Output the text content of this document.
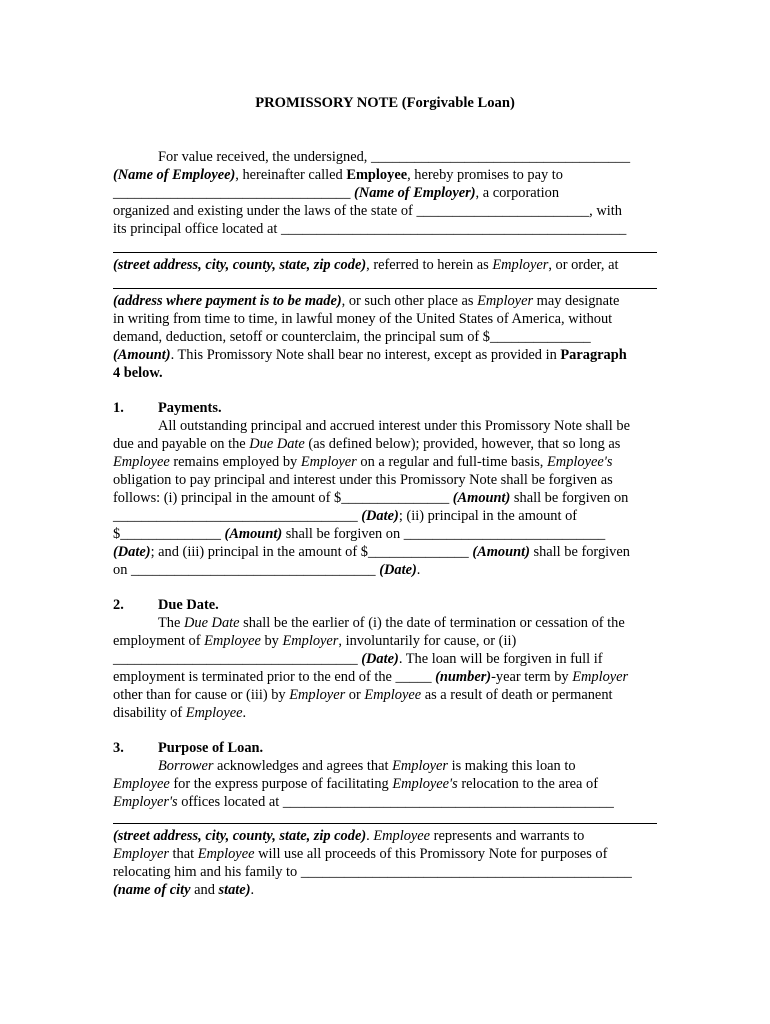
PROMISSORY NOTE (Forgivable Loan)
For value received, the undersigned, ____________________________________
(Name of Employee), hereinafter called Employee, hereby promises to pay to
_________________________________ (Name of Employer), a corporation
organized and existing under the laws of the state of ________________________, with
its principal office located at ________________________________________________
(street address, city, county, state, zip code), referred to herein as Employer, or order, at
(address where payment is to be made), or such other place as Employer may designate
in writing from time to time, in lawful money of the United States of America, without
demand, deduction, setoff or counterclaim, the principal sum of $______________
(Amount). This Promissory Note shall bear no interest, except as provided in Paragraph
4 below.
1. Payments.
All outstanding principal and accrued interest under this Promissory Note shall be
due and payable on the Due Date (as defined below); provided, however, that so long as
Employee remains employed by Employer on a regular and full-time basis, Employee's
obligation to pay principal and interest under this Promissory Note shall be forgiven as
follows: (i) principal in the amount of $_______________ (Amount) shall be forgiven on
__________________________________ (Date); (ii) principal in the amount of
$______________ (Amount) shall be forgiven on ____________________________
(Date); and (iii) principal in the amount of $______________ (Amount) shall be forgiven
on __________________________________ (Date).
2. Due Date.
The Due Date shall be the earlier of (i) the date of termination or cessation of the
employment of Employee by Employer, involuntarily for cause, or (ii)
__________________________________ (Date). The loan will be forgiven in full if
employment is terminated prior to the end of the _____ (number)-year term by Employer
other than for cause or (iii) by Employer or Employee as a result of death or permanent
disability of Employee.
3. Purpose of Loan.
Borrower acknowledges and agrees that Employer is making this loan to
Employee for the express purpose of facilitating Employee's relocation to the area of
Employer's offices located at ______________________________________________
(street address, city, county, state, zip code). Employee represents and warrants to
Employer that Employee will use all proceeds of this Promissory Note for purposes of
relocating him and his family to ______________________________________________
(name of city and state).
